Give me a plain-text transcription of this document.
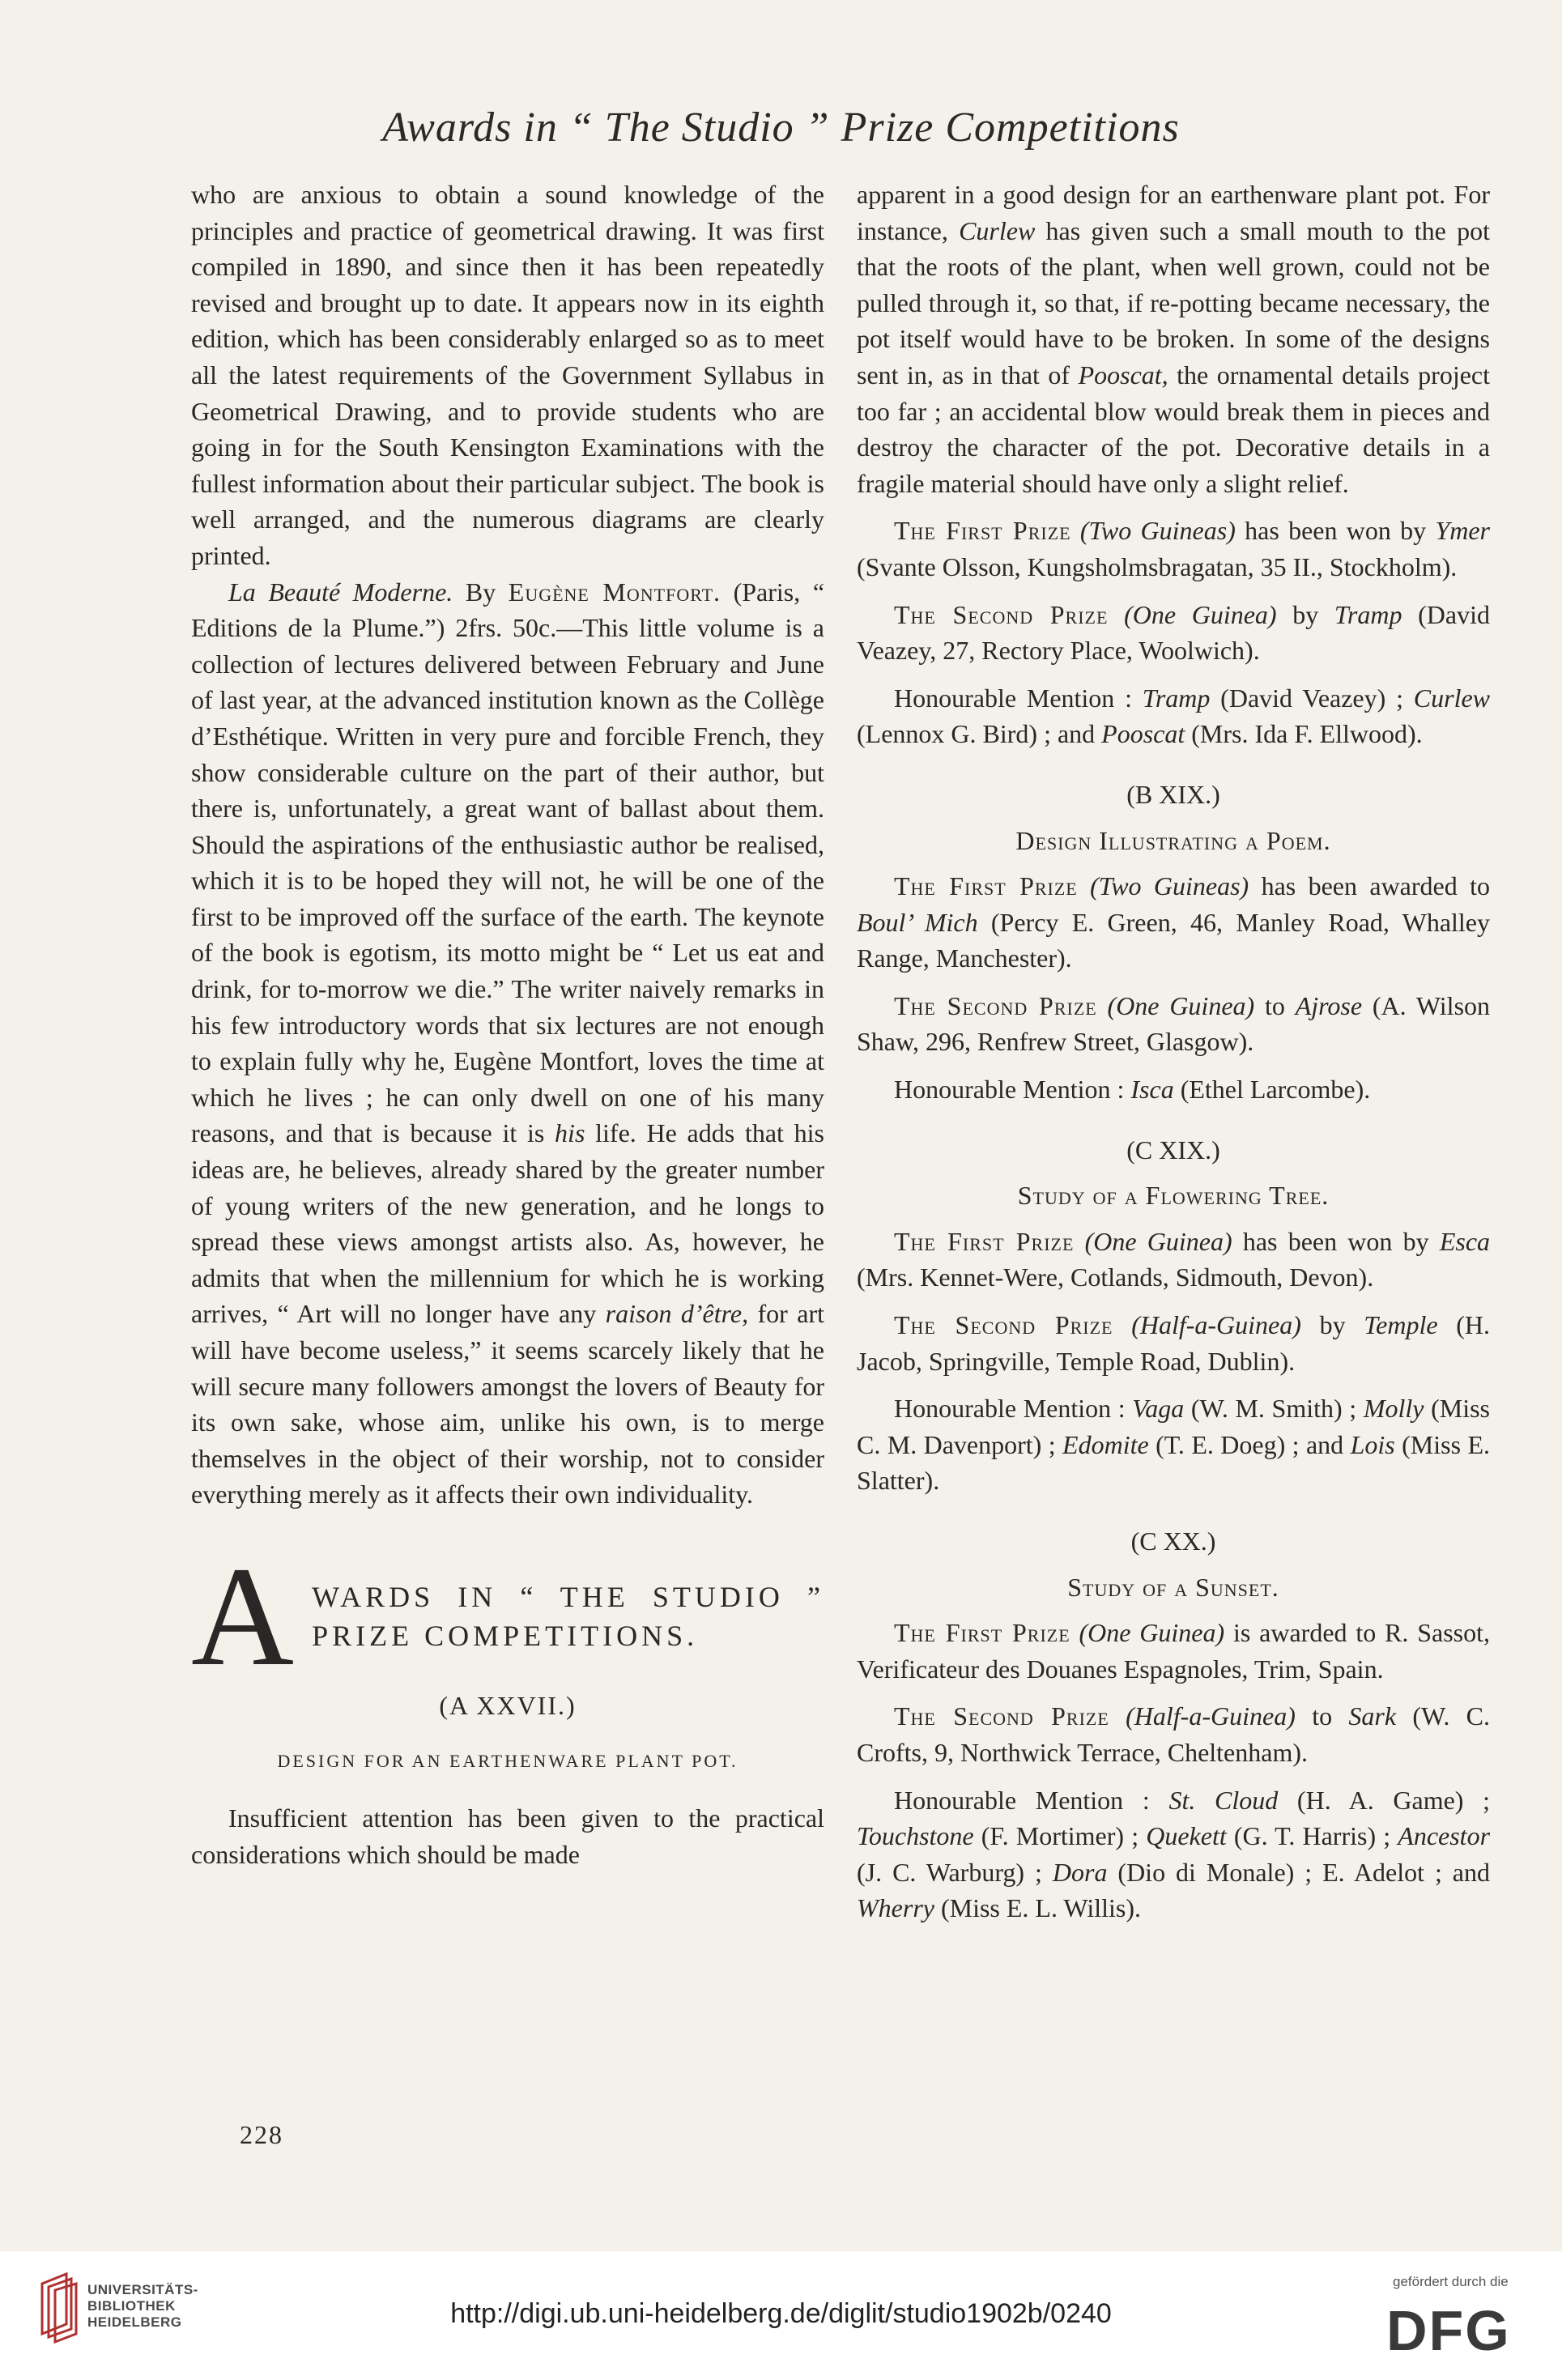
Awards in “ The Studio ” Prize Competitions

who are anxious to obtain a sound knowledge of the principles and practice of geometrical drawing. It was first compiled in 1890, and since then it has been repeatedly revised and brought up to date. It appears now in its eighth edition, which has been considerably enlarged so as to meet all the latest requirements of the Government Syllabus in Geometrical Drawing, and to provide students who are going in for the South Kensington Examinations with the fullest information about their particular subject. The book is well arranged, and the numerous diagrams are clearly printed.

La Beauté Moderne. By Eugène Montfort. (Paris, “ Editions de la Plume.”) 2frs. 50c.—This little volume is a collection of lectures delivered between February and June of last year, at the advanced institution known as the Collège d’Esthétique. Written in very pure and forcible French, they show considerable culture on the part of their author, but there is, unfortunately, a great want of ballast about them. Should the aspirations of the enthusiastic author be realised, which it is to be hoped they will not, he will be one of the first to be improved off the surface of the earth. The keynote of the book is egotism, its motto might be “ Let us eat and drink, for to-morrow we die.” The writer naively remarks in his few introductory words that six lectures are not enough to explain fully why he, Eugène Montfort, loves the time at which he lives ; he can only dwell on one of his many reasons, and that is because it is his life. He adds that his ideas are, he believes, already shared by the greater number of young writers of the new generation, and he longs to spread these views amongst artists also. As, however, he admits that when the millennium for which he is working arrives, “ Art will no longer have any raison d’être, for art will have become useless,” it seems scarcely likely that he will secure many followers amongst the lovers of Beauty for its own sake, whose aim, unlike his own, is to merge themselves in the object of their worship, not to consider everything merely as it affects their own individuality.

A WARDS IN “ THE STUDIO ” PRIZE COMPETITIONS.

(A XXVII.)

DESIGN FOR AN EARTHENWARE PLANT POT.

Insufficient attention has been given to the practical considerations which should be made

228

apparent in a good design for an earthenware plant pot. For instance, Curlew has given such a small mouth to the pot that the roots of the plant, when well grown, could not be pulled through it, so that, if re-potting became necessary, the pot itself would have to be broken. In some of the designs sent in, as in that of Pooscat, the ornamental details project too far ; an accidental blow would break them in pieces and destroy the character of the pot. Decorative details in a fragile material should have only a slight relief.

The First Prize (Two Guineas) has been won by Ymer (Svante Olsson, Kungsholmsbragatan, 35 II., Stockholm).

The Second Prize (One Guinea) by Tramp (David Veazey, 27, Rectory Place, Woolwich).

Honourable Mention : Tramp (David Veazey) ; Curlew (Lennox G. Bird) ; and Pooscat (Mrs. Ida F. Ellwood).

(B XIX.)

Design Illustrating a Poem.

The First Prize (Two Guineas) has been awarded to Boul’ Mich (Percy E. Green, 46, Manley Road, Whalley Range, Manchester).

The Second Prize (One Guinea) to Ajrose (A. Wilson Shaw, 296, Renfrew Street, Glasgow).

Honourable Mention : Isca (Ethel Larcombe).

(C XIX.)

Study of a Flowering Tree.

The First Prize (One Guinea) has been won by Esca (Mrs. Kennet-Were, Cotlands, Sidmouth, Devon).

The Second Prize (Half-a-Guinea) by Temple (H. Jacob, Springville, Temple Road, Dublin).

Honourable Mention : Vaga (W. M. Smith) ; Molly (Miss C. M. Davenport) ; Edomite (T. E. Doeg) ; and Lois (Miss E. Slatter).

(C XX.)

Study of a Sunset.

The First Prize (One Guinea) is awarded to R. Sassot, Verificateur des Douanes Espagnoles, Trim, Spain.

The Second Prize (Half-a-Guinea) to Sark (W. C. Crofts, 9, Northwick Terrace, Cheltenham).

Honourable Mention : St. Cloud (H. A. Game) ; Touchstone (F. Mortimer) ; Quekett (G. T. Harris) ; Ancestor (J. C. Warburg) ; Dora (Dio di Monale) ; E. Adelot ; and Wherry (Miss E. L. Willis).

UNIVERSITÄTS-
BIBLIOTHEK
HEIDELBERG	http://digi.ub.uni-heidelberg.de/diglit/studio1902b/0240
gefördert durch die
DFG
